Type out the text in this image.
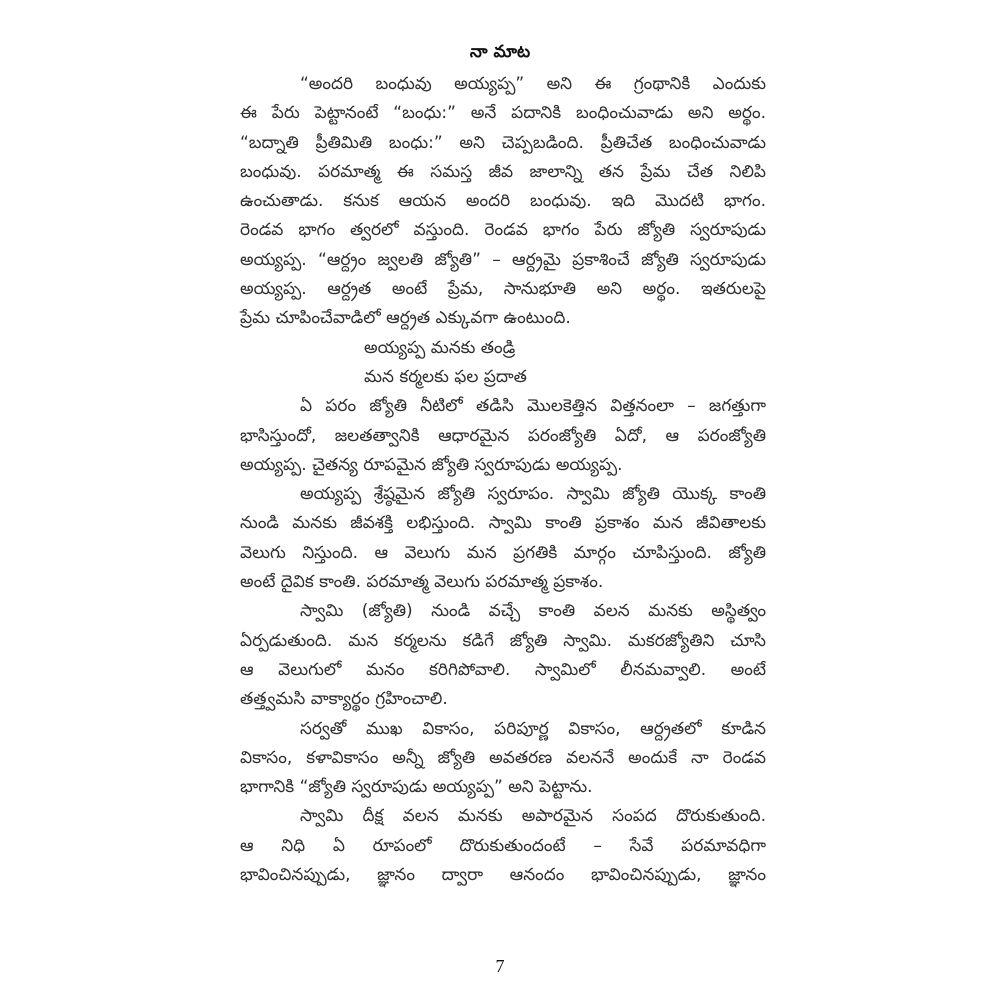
నా మాట
“అందరి బంధువు అయ్యప్ప” అని ఈ గ్రంథానికి ఎందుకు
ఈ పేరు పెట్టానంటే “బంధు:” అనే పదానికి బంధించువాడు అని అర్థం.
“బద్నాతి ప్రీతిమితి బంధు:” అని చెప్పబడింది. ప్రీతిచేత బంధించువాడు
బంధువు. పరమాత్మ ఈ సమస్త జీవ జాలాన్ని తన ప్రేమ చేత నిలిపి
ఉంచుతాడు. కనుక ఆయన అందరి బంధువు. ఇది మొదటి భాగం.
రెండవ భాగం త్వరలో వస్తుంది. రెండవ భాగం పేరు జ్యోతి స్వరూపుడు
అయ్యప్ప. “ఆర్ద్రం జ్వలతి జ్యోతి” – ఆర్ద్రమై ప్రకాశించే జ్యోతి స్వరూపుడు
అయ్యప్ప. ఆర్ద్రత అంటే ప్రేమ, సానుభూతి అని అర్థం. ఇతరులపై
ప్రేమ చూపించేవాడిలో ఆర్ద్రత ఎక్కువగా ఉంటుంది.
అయ్యప్ప మనకు తండ్రి
మన కర్మలకు ఫల ప్రదాత
ఏ పరం జ్యోతి నీటిలో తడిసి మొలకెత్తిన విత్తనంలా – జగత్తుగా
భాసిస్తుందో, జలతత్వానికి ఆధారమైన పరంజ్యోతి ఏదో, ఆ పరంజ్యోతి
అయ్యప్ప. చైతన్య రూపమైన జ్యోతి స్వరూపుడు అయ్యప్ప.
అయ్యప్ప శ్రేష్ఠమైన జ్యోతి స్వరూపం. స్వామి జ్యోతి యొక్క కాంతి
నుండి మనకు జీవశక్తి లభిస్తుంది. స్వామి కాంతి ప్రకాశం మన జీవితాలకు
వెలుగు నిస్తుంది. ఆ వెలుగు మన ప్రగతికి మార్గం చూపిస్తుంది. జ్యోతి
అంటే దైవిక కాంతి. పరమాత్మ వెలుగు పరమాత్మ ప్రకాశం.
స్వామి (జ్యోతి) నుండి వచ్చే కాంతి వలన మనకు అస్థిత్వం
ఏర్పడుతుంది. మన కర్మలను కడిగే జ్యోతి స్వామి. మకరజ్యోతిని చూసి
ఆ వెలుగులో మనం కరిగిపోవాలి. స్వామిలో లీనమవ్వాలి. అంటే
తత్త్వమసి వాక్యార్థం గ్రహించాలి.
సర్వతో ముఖ వికాసం, పరిపూర్ణ వికాసం, ఆర్ద్రతలో కూడిన
వికాసం, కళావికాసం అన్నీ జ్యోతి అవతరణ వలననే అందుకే నా రెండవ
భాగానికి “జ్యోతి స్వరూపుడు అయ్యప్ప” అని పెట్టాను.
స్వామి దీక్ష వలన మనకు అపారమైన సంపద దొరుకుతుంది.
ఆ నిధి ఏ రూపంలో దొరుకుతుందంటే – సేవే పరమావధిగా
భావించినప్పుడు, జ్ఞానం ద్వారా ఆనందం భావించినప్పుడు, జ్ఞానం
7
